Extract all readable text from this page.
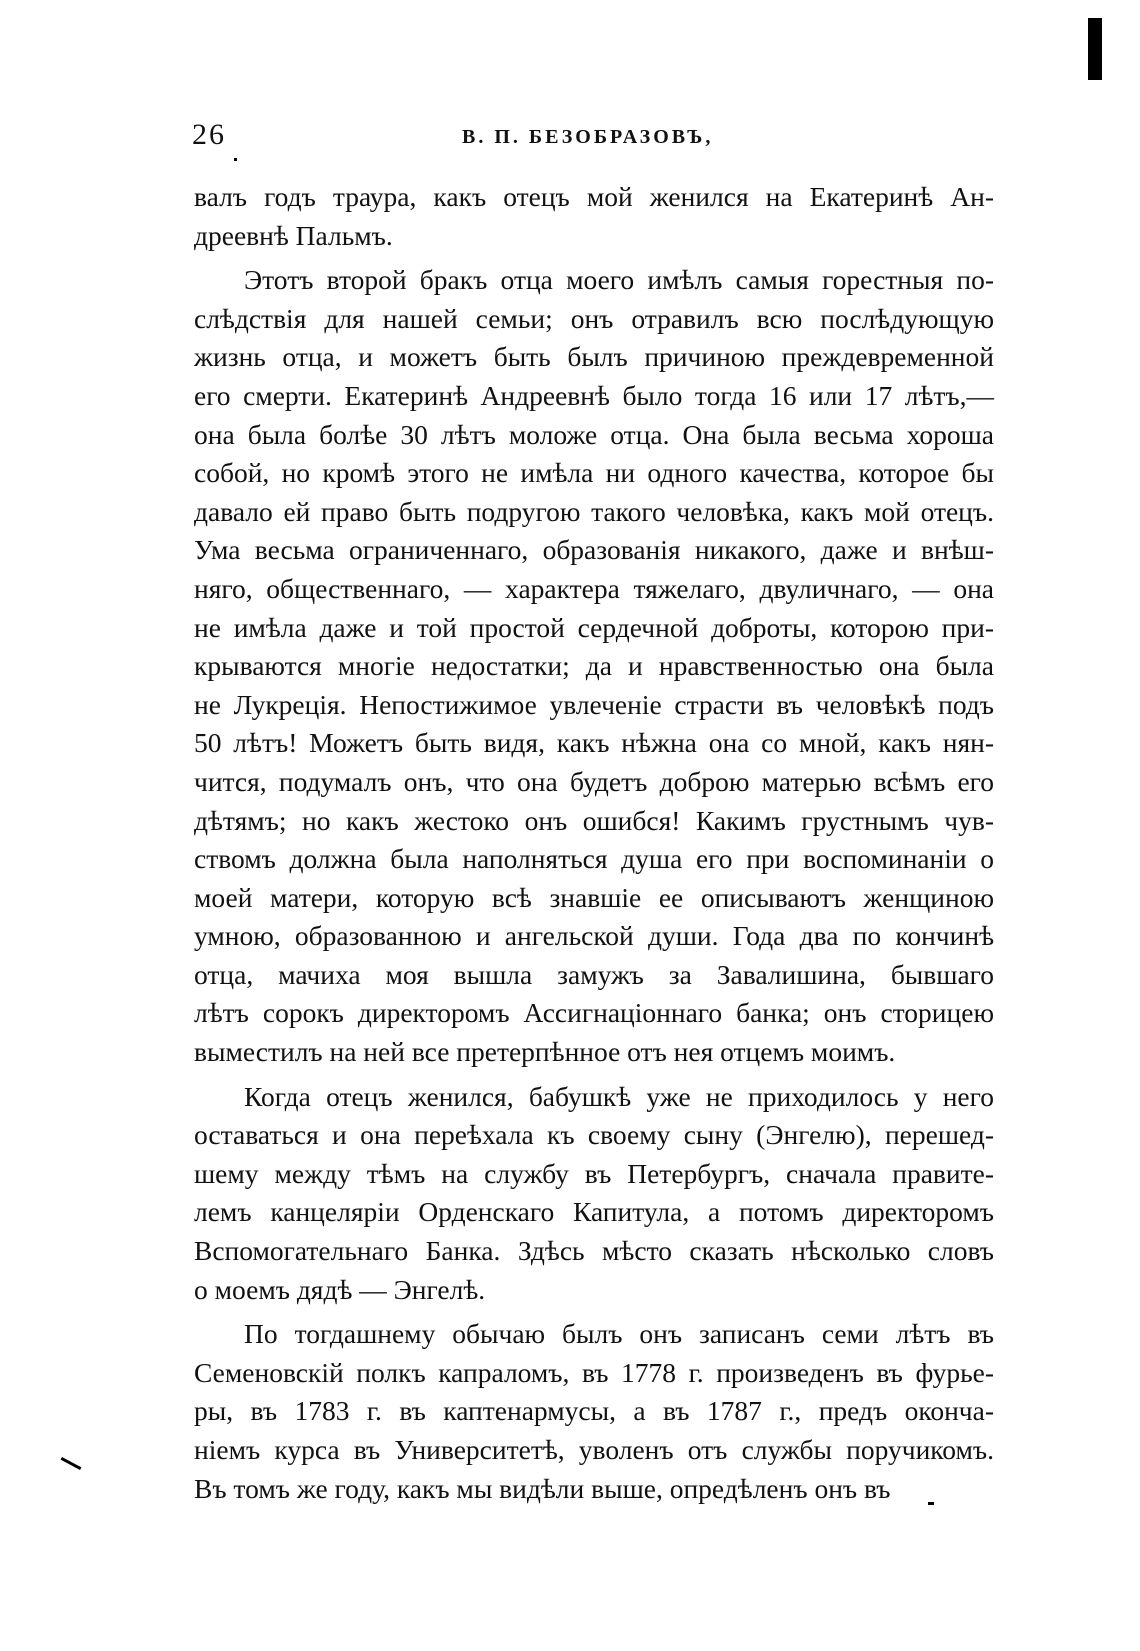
26	В. П. БЕЗОБРАЗОВЪ,

валъ годъ траура, какъ отецъ мой женился на Екатеринѣ Ан-
дреевнѣ Пальмъ.

Этотъ второй бракъ отца моего имѣлъ самыя горестныя по-
слѣдствія для нашей семьи; онъ отравилъ всю послѣдующую
жизнь отца, и можетъ быть былъ причиною преждевременной
его смерти. Екатеринѣ Андреевнѣ было тогда 16 или 17 лѣтъ,—
она была болѣе 30 лѣтъ моложе отца. Она была весьма хороша
собой, но кромѣ этого не имѣла ни одного качества, которое бы
давало ей право быть подругою такого человѣка, какъ мой отецъ.
Ума весьма ограниченнаго, образованія никакого, даже и внѣш-
няго, общественнаго, — характера тяжелаго, двуличнаго, — она
не имѣла даже и той простой сердечной доброты, которою при-
крываются многіе недостатки; да и нравственностью она была
не Лукреція. Непостижимое увлеченіе страсти въ человѣкѣ подъ
50 лѣтъ! Можетъ быть видя, какъ нѣжна она со мной, какъ нян-
чится, подумалъ онъ, что она будетъ доброю матерью всѣмъ его
дѣтямъ; но какъ жестоко онъ ошибся! Какимъ грустнымъ чув-
ствомъ должна была наполняться душа его при воспоминаніи о
моей матери, которую всѣ знавшіе ее описываютъ женщиною
умною, образованною и ангельской души. Года два по кончинѣ
отца, мачиха моя вышла замужъ за Завалишина, бывшаго
лѣтъ сорокъ директоромъ Ассигнаціоннаго банка; онъ сторицею
выместилъ на ней все претерпѣнное отъ нея отцемъ моимъ.

Когда отецъ женился, бабушкѣ уже не приходилось у него
оставаться и она переѣхала къ своему сыну (Энгелю), перешед-
шему между тѣмъ на службу въ Петербургъ, сначала правите-
лемъ канцеляріи Орденскаго Капитула, а потомъ директоромъ
Вспомогательнаго Банка. Здѣсь мѣсто сказать нѣсколько словъ
о моемъ дядѣ — Энгелѣ.

По тогдашнему обычаю былъ онъ записанъ семи лѣтъ въ
Семеновскій полкъ капраломъ, въ 1778 г. произведенъ въ фурье-
ры, въ 1783 г. въ каптенармусы, а въ 1787 г., предъ оконча-
ніемъ курса въ Университетѣ, уволенъ отъ службы поручикомъ.
Въ томъ же году, какъ мы видѣли выше, опредѣленъ онъ въ
